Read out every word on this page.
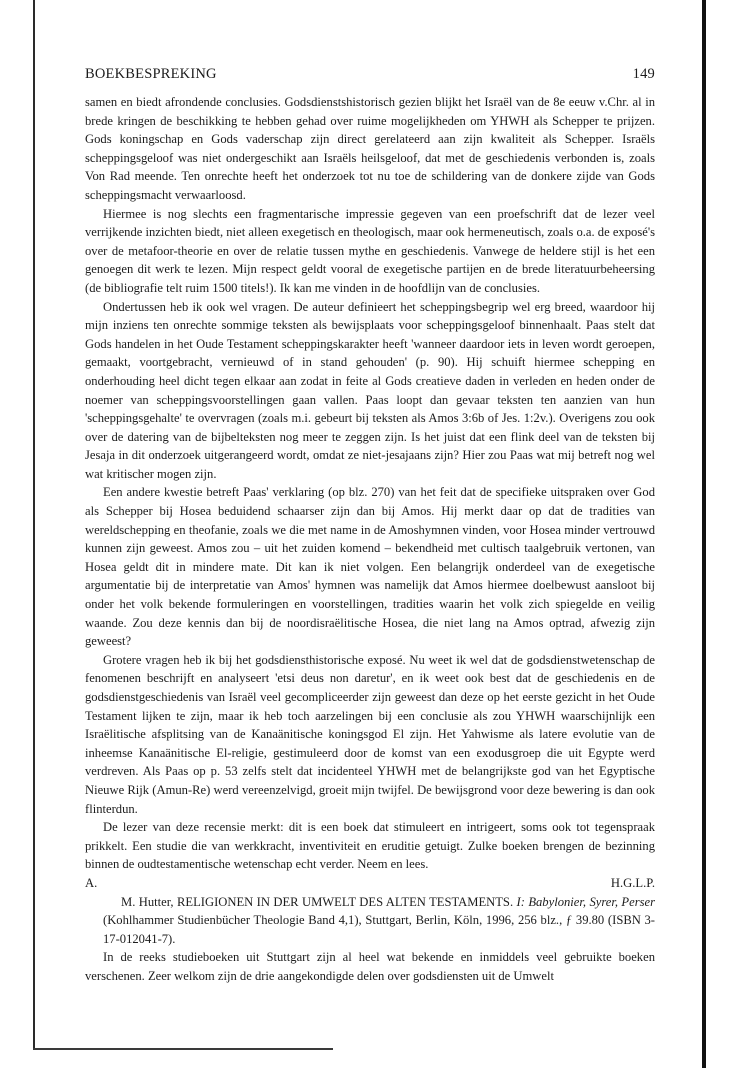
BOEKBESPREKING	149

samen en biedt afrondende conclusies. Godsdienstshistorisch gezien blijkt het Israël van de 8e eeuw v.Chr. al in brede kringen de beschikking te hebben gehad over ruime mogelijkheden om YHWH als Schepper te prijzen. Gods koningschap en Gods vaderschap zijn direct gerelateerd aan zijn kwaliteit als Schepper. Israëls scheppingsgeloof was niet ondergeschikt aan Israëls heilsgeloof, dat met de geschiedenis verbonden is, zoals Von Rad meende. Ten onrechte heeft het onderzoek tot nu toe de schildering van de donkere zijde van Gods scheppingsmacht verwaarloosd.

Hiermee is nog slechts een fragmentarische impressie gegeven van een proefschrift dat de lezer veel verrijkende inzichten biedt, niet alleen exegetisch en theologisch, maar ook hermeneutisch, zoals o.a. de exposé's over de metafoor-theorie en over de relatie tussen mythe en geschiedenis. Vanwege de heldere stijl is het een genoegen dit werk te lezen. Mijn respect geldt vooral de exegetische partijen en de brede literatuurbeheersing (de bibliografie telt ruim 1500 titels!). Ik kan me vinden in de hoofdlijn van de conclusies.

Ondertussen heb ik ook wel vragen. De auteur definieert het scheppingsbegrip wel erg breed, waardoor hij mijn inziens ten onrechte sommige teksten als bewijsplaats voor scheppingsgeloof binnenhaalt. Paas stelt dat Gods handelen in het Oude Testament scheppingskarakter heeft 'wanneer daardoor iets in leven wordt geroepen, gemaakt, voortgebracht, vernieuwd of in stand gehouden' (p. 90). Hij schuift hiermee schepping en onderhouding heel dicht tegen elkaar aan zodat in feite al Gods creatieve daden in verleden en heden onder de noemer van scheppingsvoorstellingen gaan vallen. Paas loopt dan gevaar teksten ten aanzien van hun 'scheppingsgehalte' te overvragen (zoals m.i. gebeurt bij teksten als Amos 3:6b of Jes. 1:2v.). Overigens zou ook over de datering van de bijbelteksten nog meer te zeggen zijn. Is het juist dat een flink deel van de teksten bij Jesaja in dit onderzoek uitgerangeerd wordt, omdat ze niet-jesajaans zijn? Hier zou Paas wat mij betreft nog wel wat kritischer mogen zijn.

Een andere kwestie betreft Paas' verklaring (op blz. 270) van het feit dat de specifieke uitspraken over God als Schepper bij Hosea beduidend schaarser zijn dan bij Amos. Hij merkt daar op dat de tradities van wereldschepping en theofanie, zoals we die met name in de Amoshymnen vinden, voor Hosea minder vertrouwd kunnen zijn geweest. Amos zou – uit het zuiden komend – bekendheid met cultisch taalgebruik vertonen, van Hosea geldt dit in mindere mate. Dit kan ik niet volgen. Een belangrijk onderdeel van de exegetische argumentatie bij de interpretatie van Amos' hymnen was namelijk dat Amos hiermee doelbewust aansloot bij onder het volk bekende formuleringen en voorstellingen, tradities waarin het volk zich spiegelde en veilig waande. Zou deze kennis dan bij de noordisraëlitische Hosea, die niet lang na Amos optrad, afwezig zijn geweest?

Grotere vragen heb ik bij het godsdiensthistorische exposé. Nu weet ik wel dat de godsdienstwetenschap de fenomenen beschrijft en analyseert 'etsi deus non daretur', en ik weet ook best dat de geschiedenis en de godsdienstgeschiedenis van Israël veel gecompliceerder zijn geweest dan deze op het eerste gezicht in het Oude Testament lijken te zijn, maar ik heb toch aarzelingen bij een conclusie als zou YHWH waarschijnlijk een Israëlitische afsplitsing van de Kanaänitische koningsgod El zijn. Het Yahwisme als latere evolutie van de inheemse Kanaänitische El-religie, gestimuleerd door de komst van een exodusgroep die uit Egypte werd verdreven. Als Paas op p. 53 zelfs stelt dat incidenteel YHWH met de belangrijkste god van het Egyptische Nieuwe Rijk (Amun-Re) werd vereenzelvigd, groeit mijn twijfel. De bewijsgrond voor deze bewering is dan ook flinterdun.

De lezer van deze recensie merkt: dit is een boek dat stimuleert en intrigeert, soms ook tot tegenspraak prikkelt. Een studie die van werkkracht, inventiviteit en eruditie getuigt. Zulke boeken brengen de bezinning binnen de oudtestamentische wetenschap echt verder. Neem en lees.

A.	H.G.L.P.

M. Hutter, RELIGIONEN IN DER UMWELT DES ALTEN TESTAMENTS. I: Babylonier, Syrer, Perser (Kohlhammer Studienbücher Theologie Band 4,1), Stuttgart, Berlin, Köln, 1996, 256 blz., ƒ 39.80 (ISBN 3-17-012041-7).

In de reeks studieboeken uit Stuttgart zijn al heel wat bekende en inmiddels veel gebruikte boeken verschenen. Zeer welkom zijn de drie aangekondigde delen over godsdiensten uit de Umwelt
